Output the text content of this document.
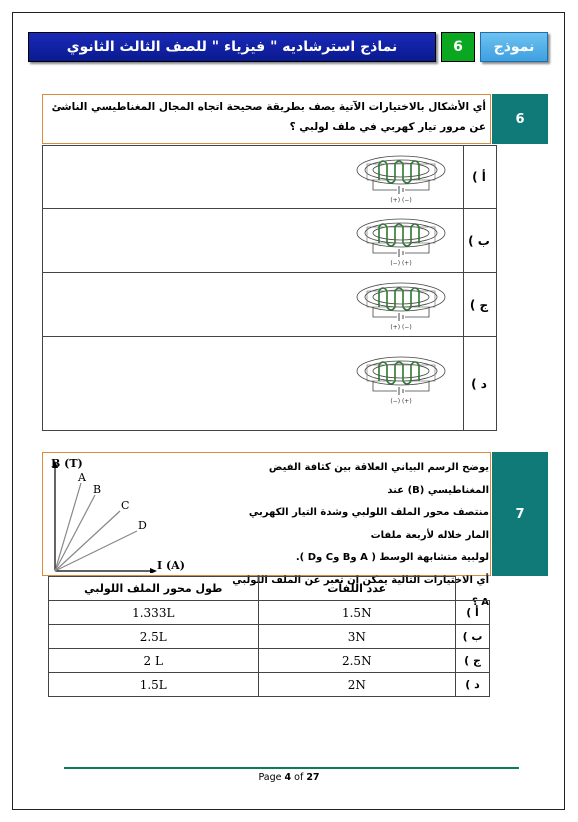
نماذج استرشاديه " فيزياء " للصف الثالث الثانوي	6	نموذج
6
أي الأشكال بالاختيارات الآتية يصف بطريقة صحيحة اتجاه المجال المغناطيسي الناشئ عن مرور تيار كهربي في ملف لولبي ؟
(+) (−)
أ )
(−) (+)
ب )
(+) (−)
ج )
(−) (+)
د )
7
يوضح الرسم البياني العلاقة بين كثافة الفيض المغناطيسي (B) عند
منتصف محور الملف اللولبي وشدة التيار الكهربي المار خلاله لأربعة ملفات
لولبية متشابهة الوسط ( A وB وC وD ).
أي الاختيارات التالية يمكن ان تعبر عن الملف اللولبي A ؟
B (T)
I (A)
A
B
C
D
طول محور الملف اللولبي	عدد اللفات	
1.333L	1.5N	أ )
2.5L	3N	ب )
2 L	2.5N	ج )
1.5L	2N	د )
Page 4 of 27
